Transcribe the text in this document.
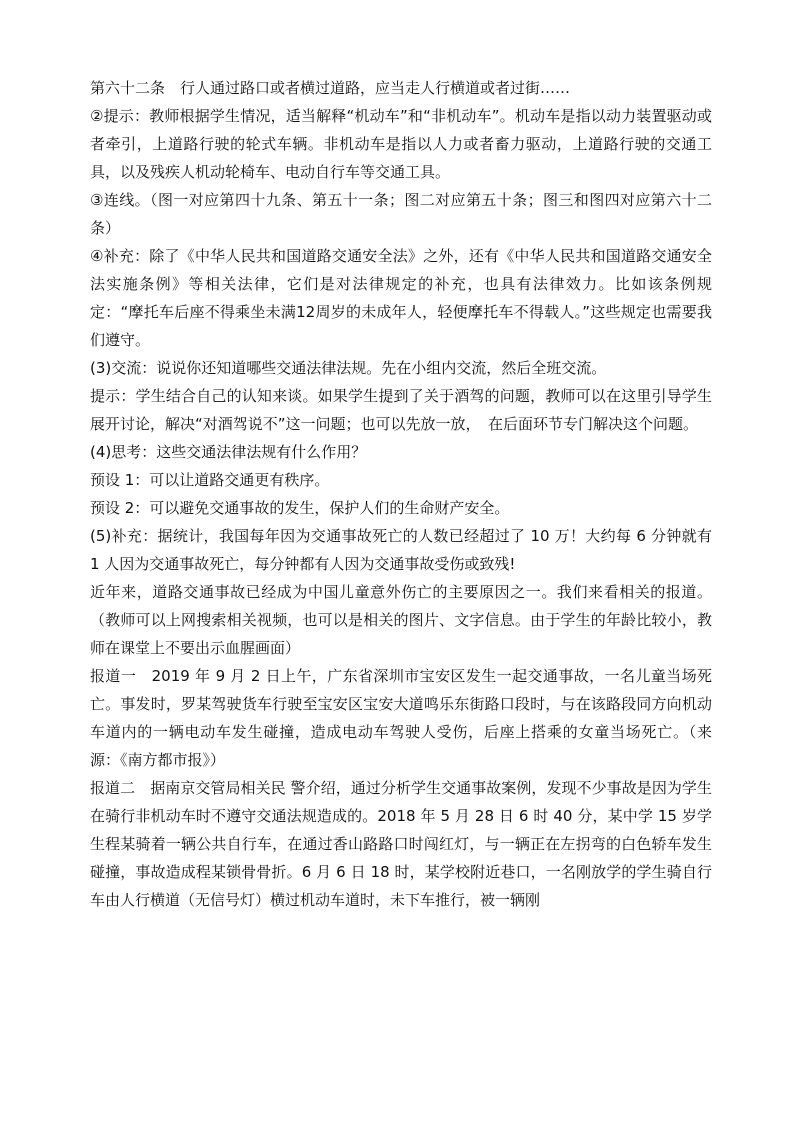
第六十二条　行人通过路口或者横过道路，应当走人行横道或者过街……

②提示：教师根据学生情况，适当解释“机动车”和“非机动车”。机动车是指以动力装置驱动或者牵引，上道路行驶的轮式车辆。非机动车是指以人力或者畜力驱动，上道路行驶的交通工具，以及残疾人机动轮椅车、电动自行车等交通工具。

③连线。（图一对应第四十九条、第五十一条；图二对应第五十条；图三和图四对应第六十二条）

④补充：除了《中华人民共和国道路交通安全法》之外，还有《中华人民共和国道路交通安全法实施条例》等相关法律，它们是对法律规定的补充，也具有法律效力。比如该条例规定：“摩托车后座不得乘坐未满12周岁的未成年人，轻便摩托车不得载人。”这些规定也需要我们遵守。

(3)交流：说说你还知道哪些交通法律法规。先在小组内交流，然后全班交流。

提示：学生结合自己的认知来谈。如果学生提到了关于酒驾的问题，教师可以在这里引导学生展开讨论，解决“对酒驾说不”这一问题；也可以先放一放，　在后面环节专门解决这个问题。

(4)思考：这些交通法律法规有什么作用？

预设 1：可以让道路交通更有秩序。

预设 2：可以避免交通事故的发生，保护人们的生命财产安全。

(5)补充：据统计，我国每年因为交通事故死亡的人数已经超过了 10 万！大约每 6 分钟就有 1 人因为交通事故死亡，每分钟都有人因为交通事故受伤或致残!

近年来，道路交通事故已经成为中国儿童意外伤亡的主要原因之一。我们来看相关的报道。（教师可以上网搜索相关视频，也可以是相关的图片、文字信息。由于学生的年龄比较小，教师在课堂上不要出示血腥画面）

报道一　2019 年 9 月 2 日上午，广东省深圳市宝安区发生一起交通事故，一名儿童当场死亡。事发时，罗某驾驶货车行驶至宝安区宝安大道鸣乐东街路口段时，与在该路段同方向机动车道内的一辆电动车发生碰撞，造成电动车驾驶人受伤，后座上搭乘的女童当场死亡。（来源：《南方都市报》）

报道二　据南京交管局相关民 警介绍，通过分析学生交通事故案例，发现不少事故是因为学生在骑行非机动车时不遵守交通法规造成的。2018 年 5 月 28 日 6 时 40 分，某中学 15 岁学生程某骑着一辆公共自行车，在通过香山路路口时闯红灯，与一辆正在左拐弯的白色轿车发生碰撞，事故造成程某锁骨骨折。6 月 6 日 18 时，某学校附近巷口，一名刚放学的学生骑自行车由人行横道（无信号灯）横过机动车道时，未下车推行，被一辆刚
